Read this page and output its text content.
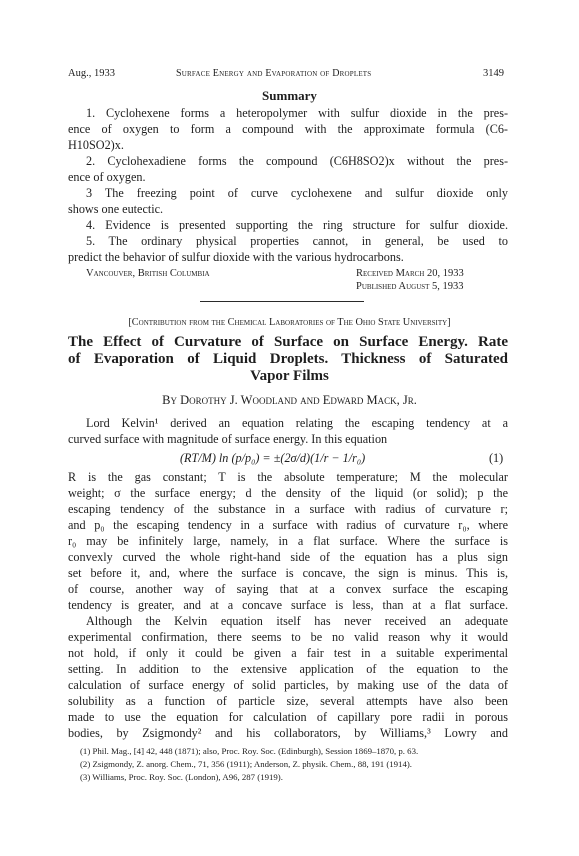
Aug., 1933	Surface Energy and Evaporation of Droplets	3149
Summary
1. Cyclohexene forms a heteropolymer with sulfur dioxide in the pres-
ence of oxygen to form a compound with the approximate formula (C6-
H10SO2)x.
2. Cyclohexadiene forms the compound (C6H8SO2)x without the pres-
ence of oxygen.
3 The freezing point of curve cyclohexene and sulfur dioxide only
shows one eutectic.
4. Evidence is presented supporting the ring structure for sulfur dioxide.
5. The ordinary physical properties cannot, in general, be used to
predict the behavior of sulfur dioxide with the various hydrocarbons.
Vancouver, British Columbia	Received March 20, 1933
Published August 5, 1933
[Contribution from the Chemical Laboratories of The Ohio State University]
The Effect of Curvature of Surface on Surface Energy. Rate
of Evaporation of Liquid Droplets. Thickness of Saturated
Vapor Films
By Dorothy J. Woodland and Edward Mack, Jr.
Lord Kelvin¹ derived an equation relating the escaping tendency at a
curved surface with magnitude of surface energy. In this equation
(RT/M) ln (p/p₀) = ±(2σ/d)(1/r − 1/r₀)	(1)
R is the gas constant; T is the absolute temperature; M the molecular
weight; σ the surface energy; d the density of the liquid (or solid); p the
escaping tendency of the substance in a surface with radius of curvature r;
and p₀ the escaping tendency in a surface with radius of curvature r₀, where
r₀ may be infinitely large, namely, in a flat surface. Where the surface is
convexly curved the whole right-hand side of the equation has a plus sign
set before it, and, where the surface is concave, the sign is minus. This is,
of course, another way of saying that at a convex surface the escaping
tendency is greater, and at a concave surface is less, than at a flat surface.
Although the Kelvin equation itself has never received an adequate
experimental confirmation, there seems to be no valid reason why it would
not hold, if only it could be given a fair test in a suitable experimental
setting. In addition to the extensive application of the equation to the
calculation of surface energy of solid particles, by making use of the data of
solubility as a function of particle size, several attempts have also been
made to use the equation for calculation of capillary pore radii in porous
bodies, by Zsigmondy² and his collaborators, by Williams,³ Lowry and
(1) Phil. Mag., [4] 42, 448 (1871); also, Proc. Roy. Soc. (Edinburgh), Session 1869–1870, p. 63.
(2) Zsigmondy, Z. anorg. Chem., 71, 356 (1911); Anderson, Z. physik. Chem., 88, 191 (1914).
(3) Williams, Proc. Roy. Soc. (London), A96, 287 (1919).
